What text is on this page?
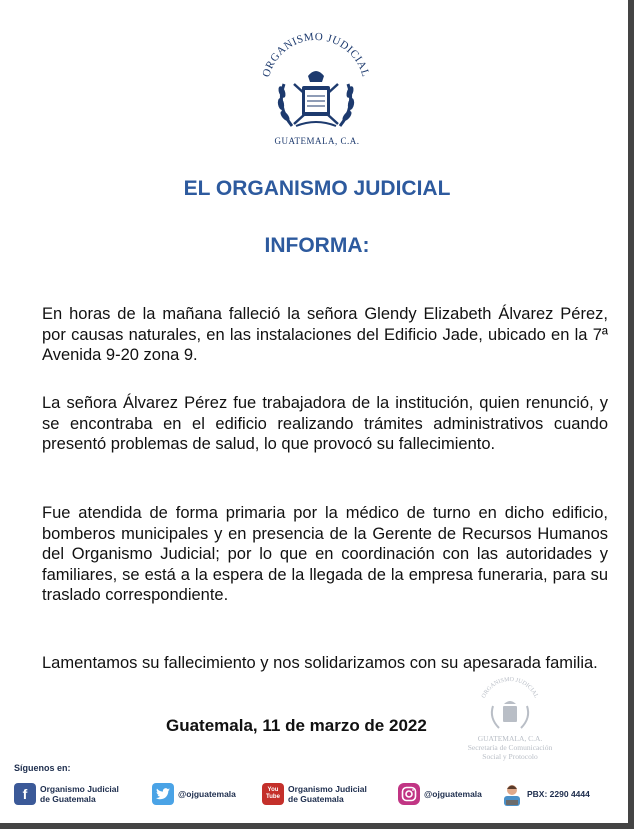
ORGANISMO JUDICIAL
GUATEMALA, C.A.
EL ORGANISMO JUDICIAL
INFORMA:

En horas de la mañana falleció la señora Glendy Elizabeth Álvarez Pérez, por causas naturales, en las instalaciones del Edificio Jade, ubicado en la 7ª Avenida 9-20 zona 9.

La señora Álvarez Pérez fue trabajadora de la institución, quien renunció, y se encontraba en el edificio realizando trámites administrativos cuando presentó problemas de salud, lo que provocó su fallecimiento.

Fue atendida de forma primaria por la médico de turno en dicho edificio, bomberos municipales y en presencia de la Gerente de Recursos Humanos del Organismo Judicial; por lo que en coordinación con las autoridades y familiares, se está a la espera de la llegada de la empresa funeraria, para su traslado correspondiente.

Lamentamos su fallecimiento y nos solidarizamos con su apesarada familia.

Guatemala, 11 de marzo de 2022
ORGANISMO JUDICIAL
GUATEMALA, C.A.
Secretaría de Comunicación
Social y Protocolo
Síguenos en:
f	Organismo Judicial
de Guatemala	@ojguatemala	You
Tube
Organismo Judicial
de Guatemala	@ojguatemala	PBX: 2290 4444
